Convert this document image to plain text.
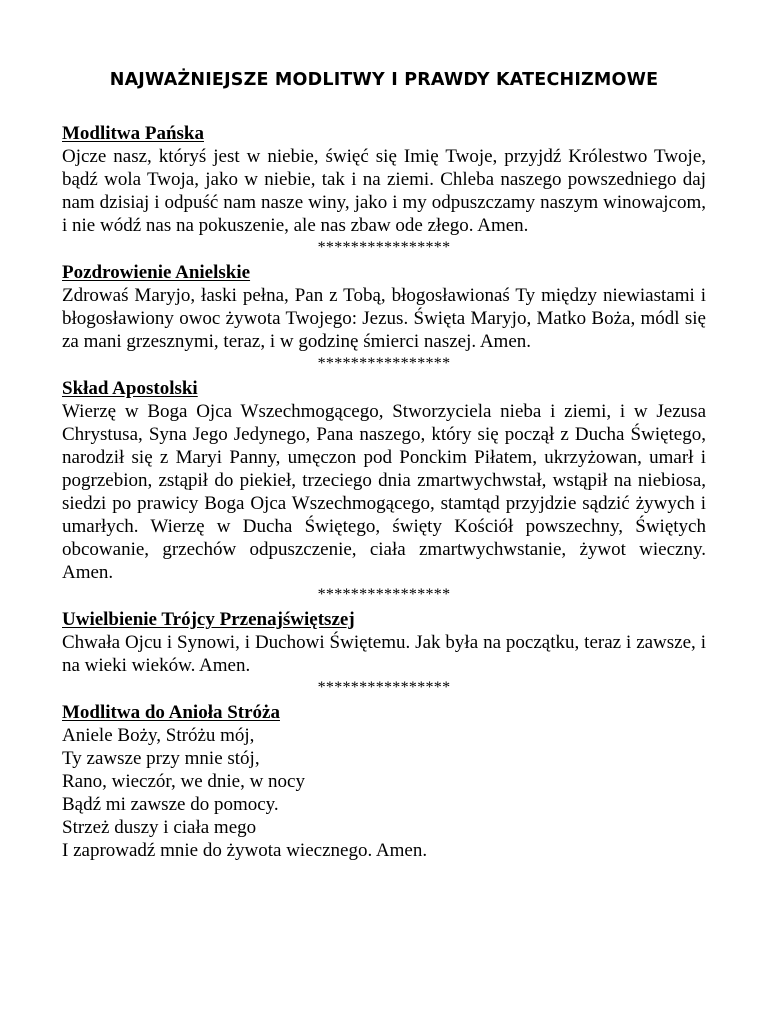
NAJWAŻNIEJSZE MODLITWY I PRAWDY KATECHIZMOWE

Modlitwa Pańska

Ojcze nasz, któryś jest w niebie, święć się Imię Twoje, przyjdź Królestwo Twoje, bądź wola Twoja, jako w niebie, tak i na ziemi. Chleba naszego powszedniego daj nam dzisiaj i odpuść nam nasze winy, jako i my odpuszczamy naszym winowajcom, i nie wódź nas na pokuszenie, ale nas zbaw ode złego. Amen.

****************

Pozdrowienie Anielskie

Zdrowaś Maryjo, łaski pełna, Pan z Tobą, błogosławionaś Ty między niewiastami i błogosławiony owoc żywota Twojego: Jezus. Święta Maryjo, Matko Boża, módl się za mani grzesznymi, teraz, i w godzinę śmierci naszej. Amen.

****************

Skład Apostolski

Wierzę w Boga Ojca Wszechmogącego, Stworzyciela nieba i ziemi, i w Jezusa Chrystusa, Syna Jego Jedynego, Pana naszego, który się począł z Ducha Świętego, narodził się z Maryi Panny, umęczon pod Ponckim Piłatem, ukrzyżowan, umarł i pogrzebion, zstąpił do piekieł, trzeciego dnia zmartwychwstał, wstąpił na niebiosa, siedzi po prawicy Boga Ojca Wszechmogącego, stamtąd przyjdzie sądzić żywych i umarłych. Wierzę w Ducha Świętego, święty Kościół powszechny, Świętych obcowanie, grzechów odpuszczenie, ciała zmartwychwstanie, żywot wieczny. Amen.

****************

Uwielbienie Trójcy Przenajświętszej

Chwała Ojcu i Synowi, i Duchowi Świętemu. Jak była na początku, teraz i zawsze, i na wieki wieków. Amen.

****************

Modlitwa do Anioła Stróża

Aniele Boży, Stróżu mój,

Ty zawsze przy mnie stój,

Rano, wieczór, we dnie, w nocy

Bądź mi zawsze do pomocy.

Strzeż duszy i ciała mego

I zaprowadź mnie do żywota wiecznego. Amen.
